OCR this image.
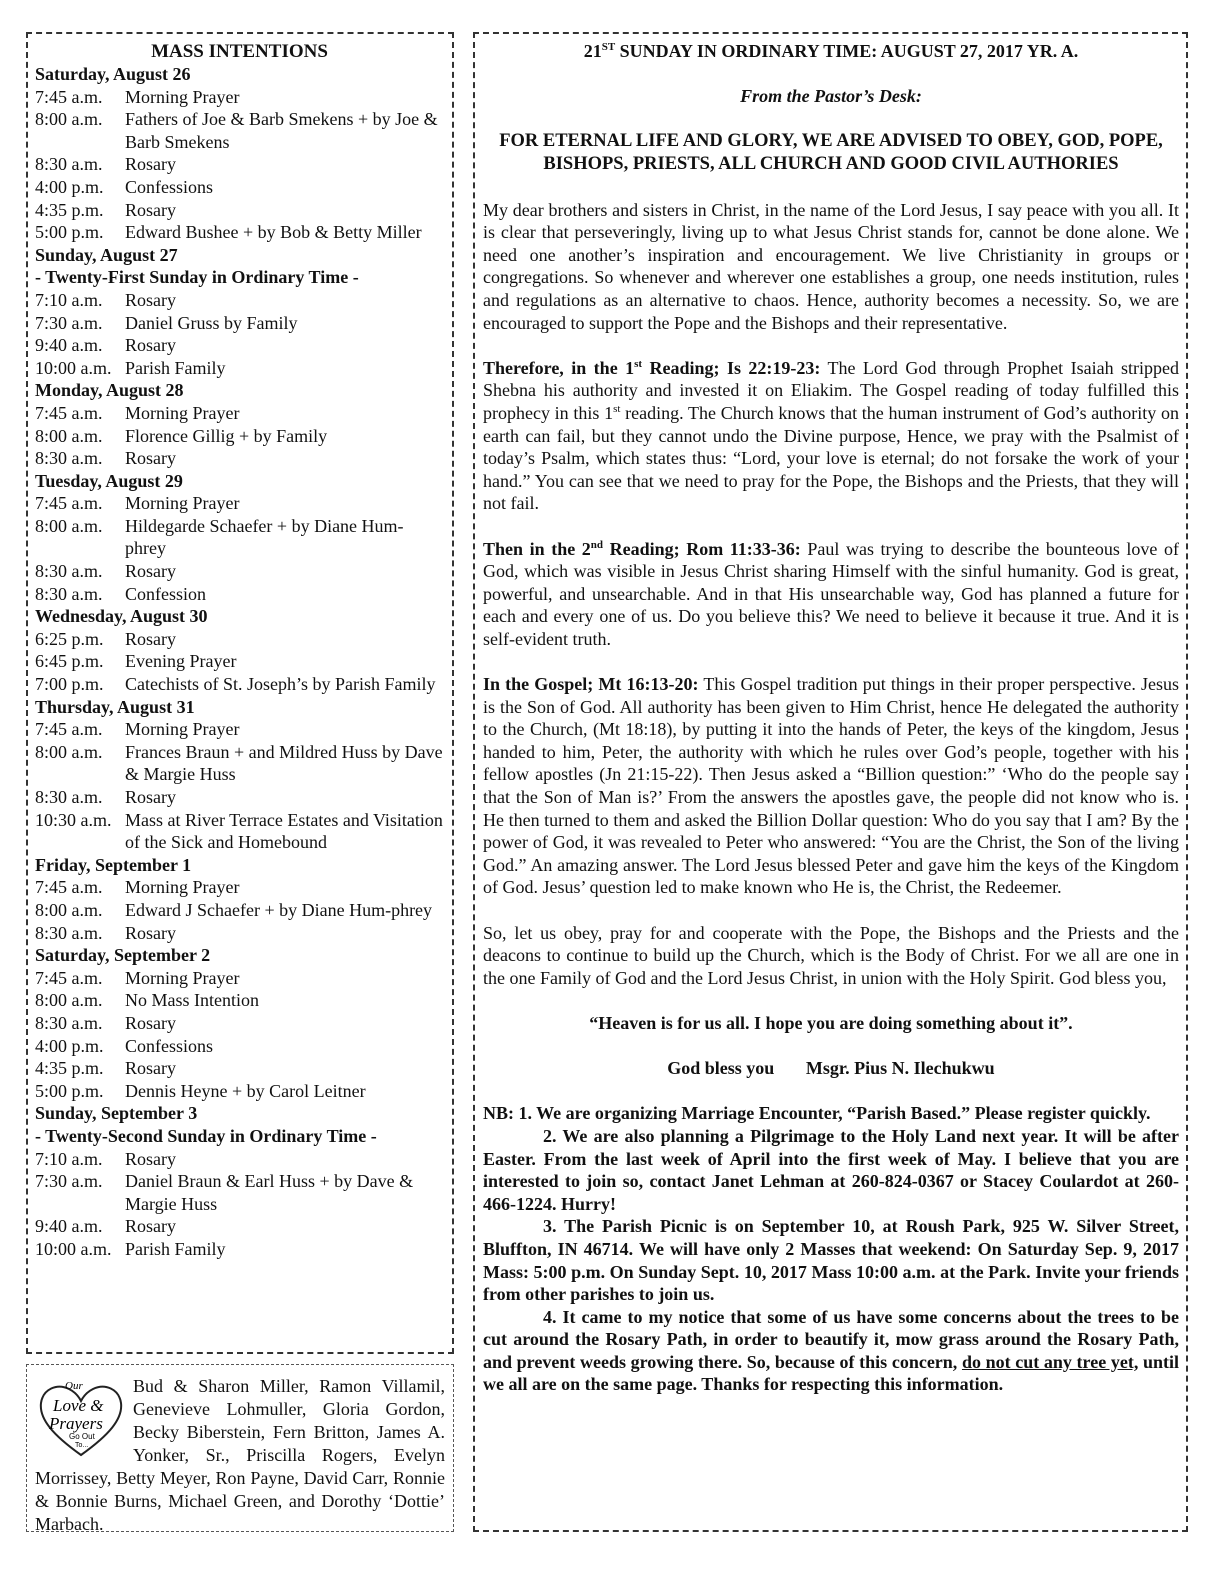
MASS INTENTIONS
Saturday, August 26
7:45 a.m.	Morning Prayer
8:00 a.m.	Fathers of Joe & Barb Smekens + by Joe & Barb Smekens
8:30 a.m.	Rosary
4:00 p.m.	Confessions
4:35 p.m.	Rosary
5:00 p.m.	Edward Bushee + by Bob & Betty Miller
Sunday, August 27
- Twenty-First Sunday in Ordinary Time -
7:10 a.m.	Rosary
7:30 a.m.	Daniel Gruss by Family
9:40 a.m.	Rosary
10:00 a.m. Parish Family
Monday, August 28
7:45 a.m.	Morning Prayer
8:00 a.m.	Florence Gillig + by Family
8:30 a.m.	Rosary
Tuesday, August 29
7:45 a.m.	Morning Prayer
8:00 a.m.	Hildegarde Schaefer + by Diane Hum-phrey
8:30 a.m.	Rosary
8:30 a.m.	Confession
Wednesday, August 30
6:25 p.m.	Rosary
6:45 p.m.	Evening Prayer
7:00 p.m.	Catechists of St. Joseph’s by Parish Family
Thursday, August 31
7:45 a.m.	Morning Prayer
8:00 a.m.	Frances Braun + and Mildred Huss by Dave & Margie Huss
8:30 a.m.	Rosary
10:30 a.m. Mass at River Terrace Estates and Visitation of the Sick and Homebound
Friday, September 1
7:45 a.m.	Morning Prayer
8:00 a.m.	Edward J Schaefer + by Diane Hum-phrey
8:30 a.m.	Rosary
Saturday, September 2
7:45 a.m.	Morning Prayer
8:00 a.m.	No Mass Intention
8:30 a.m.	Rosary
4:00 p.m.	Confessions
4:35 p.m.	Rosary
5:00 p.m.	Dennis Heyne + by Carol Leitner
Sunday, September 3
- Twenty-Second Sunday in Ordinary Time -
7:10 a.m.	Rosary
7:30 a.m.	Daniel Braun & Earl Huss + by Dave & Margie Huss
9:40 a.m.	Rosary
10:00 a.m. Parish Family
Our
Love &
Prayers
Go Out
To...
Bud & Sharon Miller, Ramon Villamil, Genevieve Lohmuller, Gloria Gordon, Becky Biberstein, Fern Britton, James A. Yonker, Sr., Priscilla Rogers, Evelyn Morrissey, Betty Meyer, Ron Payne, David Carr, Ronnie & Bonnie Burns, Michael Green, and Dorothy ‘Dottie’ Marbach.
21ST SUNDAY IN ORDINARY TIME: AUGUST 27, 2017 YR. A.
From the Pastor’s Desk:
FOR ETERNAL LIFE AND GLORY, WE ARE ADVISED TO OBEY, GOD, POPE, BISHOPS, PRIESTS, ALL CHURCH AND GOOD CIVIL AUTHORIES
My dear brothers and sisters in Christ, in the name of the Lord Jesus, I say peace with you all. It is clear that perseveringly, living up to what Jesus Christ stands for, cannot be done alone. We need one another’s inspiration and encouragement. We live Christianity in groups or congregations. So whenever and wherever one establishes a group, one needs institution, rules and regulations as an alternative to chaos. Hence, authority becomes a necessity. So, we are encouraged to support the Pope and the Bishops and their representative.
Therefore, in the 1st Reading; Is 22:19-23: The Lord God through Prophet Isaiah stripped Shebna his authority and invested it on Eliakim. The Gospel reading of today fulfilled this prophecy in this 1st reading. The Church knows that the human instrument of God’s authority on earth can fail, but they cannot undo the Divine purpose, Hence, we pray with the Psalmist of today’s Psalm, which states thus: “Lord, your love is eternal; do not forsake the work of your hand.” You can see that we need to pray for the Pope, the Bishops and the Priests, that they will not fail.
Then in the 2nd Reading; Rom 11:33-36: Paul was trying to describe the bounteous love of God, which was visible in Jesus Christ sharing Himself with the sinful humanity. God is great, powerful, and unsearchable. And in that His unsearchable way, God has planned a future for each and every one of us. Do you believe this? We need to believe it because it true. And it is self-evident truth.
In the Gospel; Mt 16:13-20: This Gospel tradition put things in their proper perspective. Jesus is the Son of God. All authority has been given to Him Christ, hence He delegated the authority to the Church, (Mt 18:18), by putting it into the hands of Peter, the keys of the kingdom, Jesus handed to him, Peter, the authority with which he rules over God’s people, together with his fellow apostles (Jn 21:15-22). Then Jesus asked a “Billion question:” ‘Who do the people say that the Son of Man is?’ From the answers the apostles gave, the people did not know who is. He then turned to them and asked the Billion Dollar question: Who do you say that I am? By the power of God, it was revealed to Peter who answered: “You are the Christ, the Son of the living God.” An amazing answer. The Lord Jesus blessed Peter and gave him the keys of the Kingdom of God. Jesus’ question led to make known who He is, the Christ, the Redeemer.
So, let us obey, pray for and cooperate with the Pope, the Bishops and the Priests and the deacons to continue to build up the Church, which is the Body of Christ. For we all are one in the one Family of God and the Lord Jesus Christ, in union with the Holy Spirit. God bless you,
“Heaven is for us all. I hope you are doing something about it”.
God bless you Msgr. Pius N. Ilechukwu
NB: 1. We are organizing Marriage Encounter, “Parish Based.” Please register quickly.
2. We are also planning a Pilgrimage to the Holy Land next year. It will be after Easter. From the last week of April into the first week of May. I believe that you are interested to join so, contact Janet Lehman at 260-824-0367 or Stacey Coulardot at 260-466-1224. Hurry!
3. The Parish Picnic is on September 10, at Roush Park, 925 W. Silver Street, Bluffton, IN 46714. We will have only 2 Masses that weekend: On Saturday Sep. 9, 2017 Mass: 5:00 p.m. On Sunday Sept. 10, 2017 Mass 10:00 a.m. at the Park. Invite your friends from other parishes to join us.
4. It came to my notice that some of us have some concerns about the trees to be cut around the Rosary Path, in order to beautify it, mow grass around the Rosary Path, and prevent weeds growing there. So, because of this concern, do not cut any tree yet, until we all are on the same page. Thanks for respecting this information.
